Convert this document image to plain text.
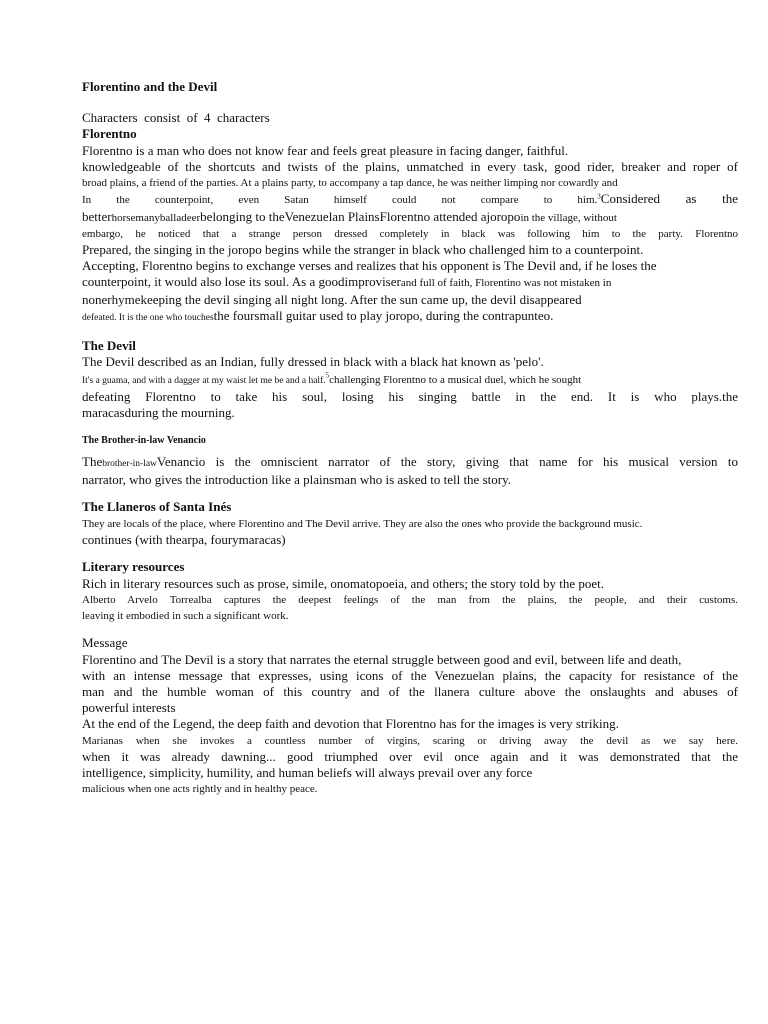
Florentino and the Devil

Characters  consist  of  4  characters

Florentno

Florentno is a man who does not know fear and feels great pleasure in facing danger, faithful.

knowledgeable of the shortcuts and twists of the plains, unmatched in every task, good rider, breaker and roper of

broad plains, a friend of the parties. At a plains party, to accompany a tap dance, he was neither limping nor cowardly and

In the counterpoint, even Satan himself could not compare to him.$^3$Considered as the

betterhorsemanyballadeerbelonging to theVenezuelan PlainsFlorentno attended ajoropoin the village, without

embargo, he noticed that a strange person dressed completely in black was following him to the party. Florentno

Prepared, the singing in the joropo begins while the stranger in black who challenged him to a counterpoint.

Accepting, Florentno begins to exchange verses and realizes that his opponent is The Devil and, if he loses the

counterpoint, it would also lose its soul. As a goodimproviserand full of faith, Florentino was not mistaken in

nonerhymekeeping the devil singing all night long. After the sun came up, the devil disappeared

defeated. It is the one who touchesthe foursmall guitar used to play joropo, during the contrapunteo.

The Devil

The Devil described as an Indian, fully dressed in black with a black hat known as 'pelo'.

It's a guama, and with a dagger at my waist let me be and a half.$^5$challenging Florentno to a musical duel, which he sought

defeating Florentno to take his soul, losing his singing battle in the end. It is who plays.the

maracasduring the mourning.

The Brother-in-law Venancio

Thebrother-in-lawVenancio is the omniscient narrator of the story, giving that name for his musical version to

narrator, who gives the introduction like a plainsman who is asked to tell the story.

The Llaneros of Santa Inés

They are locals of the place, where Florentino and The Devil arrive. They are also the ones who provide the background music.

continues (with thearpa, fourymaracas)

Literary resources

Rich in literary resources such as prose, simile, onomatopoeia, and others; the story told by the poet.

Alberto Arvelo Torrealba captures the deepest feelings of the man from the plains, the people, and their customs.

leaving it embodied in such a significant work.

Message

Florentino and The Devil is a story that narrates the eternal struggle between good and evil, between life and death,

with an intense message that expresses, using icons of the Venezuelan plains, the capacity for resistance of the

man and the humble woman of this country and of the llanera culture above the onslaughts and abuses of

powerful interests

At the end of the Legend, the deep faith and devotion that Florentno has for the images is very striking.

Marianas when she invokes a countless number of virgins, scaring or driving away the devil as we say here.

when it was already dawning... good triumphed over evil once again and it was demonstrated that the

intelligence, simplicity, humility, and human beliefs will always prevail over any force

malicious when one acts rightly and in healthy peace.
